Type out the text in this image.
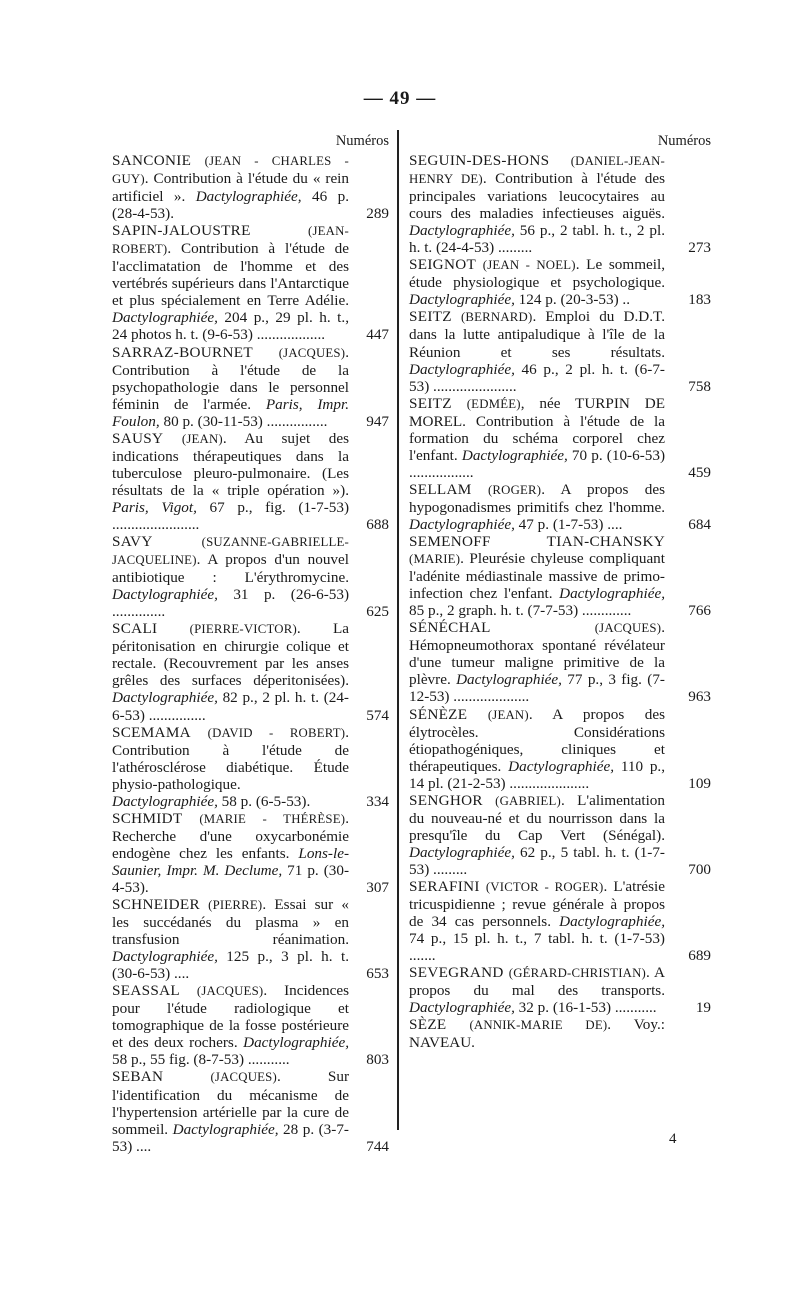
— 49 —
Numéros
SANCONIE (JEAN - CHARLES - GUY). Contribution à l'étude du « rein artificiel ». Dactylographiée, 46 p. (28-4-53).	289
SAPIN-JALOUSTRE	(JEAN-ROBERT). Contribution à l'étude de l'acclimatation de l'homme et des vertébrés supérieurs dans l'Antarctique et plus spécialement en Terre Adélie. Dactylographiée, 204 p., 29 pl. h. t., 24 photos h. t. (9-6-53) ..................	447
SARRAZ-BOURNET (JACQUES). Contribution à l'étude de la psychopathologie dans le personnel féminin de l'armée. Paris, Impr. Foulon, 80 p. (30-11-53) ................	947
SAUSY (JEAN). Au sujet des indications thérapeutiques dans la tuberculose pleuro-pulmonaire. (Les résultats de la « triple opération »). Paris, Vigot, 67 p., fig. (1-7-53) .......................	688
SAVY	(SUZANNE-GABRIELLE-JACQUELINE). A propos d'un nouvel antibiotique : L'érythromycine. Dactylographiée, 31 p. (26-6-53) ..............	625
SCALI	(PIERRE-VICTOR). La péritonisation en chirurgie colique et rectale. (Recouvrement par les anses grêles des surfaces déperitonisées). Dactylographiée, 82 p., 2 pl. h. t. (24-6-53) ...............	574
SCEMAMA (DAVID - ROBERT). Contribution à l'étude de l'athérosclérose diabétique. Étude physio-pathologique. Dactylographiée, 58 p. (6-5-53).	334
SCHMIDT (MARIE - THÉRÈSE). Recherche d'une oxycarbonémie endogène chez les enfants. Lons-le-Saunier, Impr. M. Declume, 71 p. (30-4-53).	307
SCHNEIDER (PIERRE). Essai sur « les succédanés du plasma » en transfusion réanimation. Dactylographiée, 125 p., 3 pl. h. t. (30-6-53) ....	653
SEASSAL (JACQUES). Incidences pour l'étude radiologique et tomographique de la fosse postérieure et des deux rochers. Dactylographiée, 58 p., 55 fig. (8-7-53) ...........	803
SEBAN	(JACQUES). Sur l'identification du mécanisme de l'hypertension artérielle par la cure de sommeil. Dactylographiée, 28 p. (3-7-53) ....	744
Numéros
SEGUIN-DES-HONS (DANIEL-JEAN-HENRY DE). Contribution à l'étude des principales variations leucocytaires au cours des maladies infectieuses aiguës. Dactylographiée, 56 p., 2 tabl. h. t., 2 pl. h. t. (24-4-53) .........	273
SEIGNOT (JEAN - NOEL). Le sommeil, étude physiologique et psychologique. Dactylographiée, 124 p. (20-3-53) ..	183
SEITZ (BERNARD). Emploi du D.D.T. dans la lutte antipaludique à l'île de la Réunion et ses résultats. Dactylographiée, 46 p., 2 pl. h. t. (6-7-53) ......................	758
SEITZ (EDMÉE), née TURPIN DE MOREL. Contribution à l'étude de la formation du schéma corporel chez l'enfant. Dactylographiée, 70 p. (10-6-53) .................	459
SELLAM (ROGER). A propos des hypogonadismes primitifs chez l'homme. Dactylographiée, 47 p. (1-7-53) ....	684
SEMENOFF TIAN-CHANSKY (MARIE). Pleurésie chyleuse compliquant l'adénite médiastinale massive de primo-infection chez l'enfant. Dactylographiée, 85 p., 2 graph. h. t. (7-7-53) .............	766
SÉNÉCHAL	(JACQUES). Hémopneumothorax spontané révélateur d'une tumeur maligne primitive de la plèvre. Dactylographiée, 77 p., 3 fig. (7-12-53) ....................	963
SÉNÈZE (JEAN). A propos des élytrocèles. Considérations étiopathogéniques, cliniques et thérapeutiques. Dactylographiée, 110 p., 14 pl. (21-2-53) .....................	109
SENGHOR (GABRIEL). L'alimentation du nouveau-né et du nourrisson dans la presqu'île du Cap Vert (Sénégal). Dactylographiée, 62 p., 5 tabl. h. t. (1-7-53) .........	700
SERAFINI (VICTOR - ROGER). L'atrésie tricuspidienne ; revue générale à propos de 34 cas personnels. Dactylographiée, 74 p., 15 pl. h. t., 7 tabl. h. t. (1-7-53) .......	689
SEVEGRAND (GÉRARD-CHRISTIAN). A propos du mal des transports. Dactylographiée, 32 p. (16-1-53) ...........	19
SÈZE (ANNIK-MARIE DE). Voy.: NAVEAU.
4
